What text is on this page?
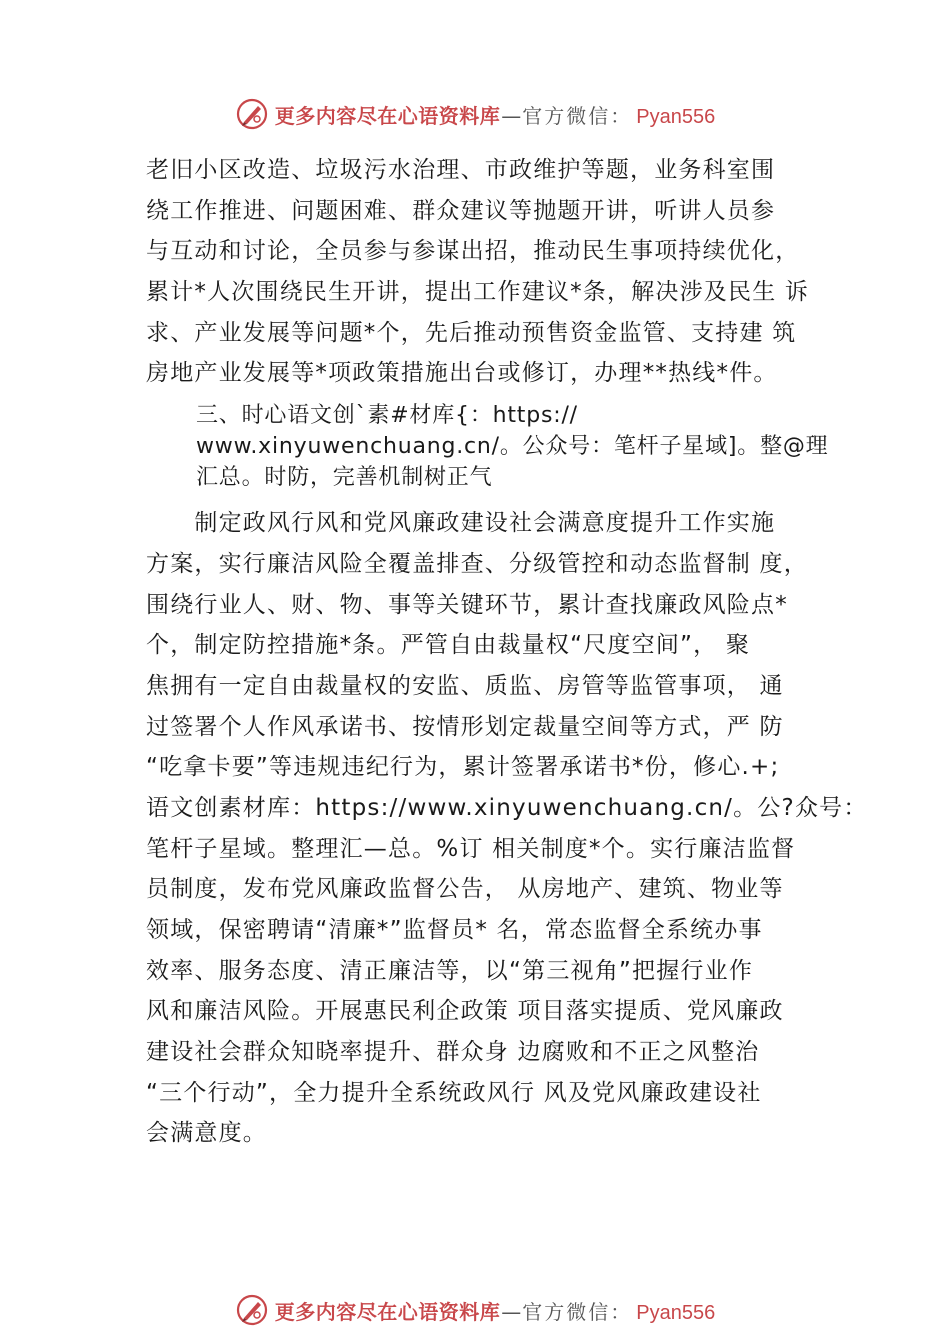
更多内容尽在心语资料库 — 官方微信： Pyan556
老旧小区改造、垃圾污水治理、市政维护等题，业务科室围
绕工作推进、问题困难、群众建议等抛题开讲，听讲人员参
与互动和讨论，全员参与参谋出招，推动民生事项持续优化，
累计*人次围绕民生开讲，提出工作建议*条，解决涉及民生 诉
求、产业发展等问题*个，先后推动预售资金监管、支持建 筑
房地产业发展等*项政策措施出台或修订，办理**热线*件。
三、时心语文创`素#材库{：https://
www.xinyuwenchuang.cn/。公众号：笔杆子星域]。整@理
汇总。时防，完善机制树正气
　　制定政风行风和党风廉政建设社会满意度提升工作实施
方案，实行廉洁风险全覆盖排查、分级管控和动态监督制 度，
围绕行业人、财、物、事等关键环节，累计查找廉政风险点*
个，制定防控措施*条。严管自由裁量权“尺度空间”， 聚
焦拥有一定自由裁量权的安监、质监、房管等监管事项， 通
过签署个人作风承诺书、按情形划定裁量空间等方式，严 防
“吃拿卡要”等违规违纪行为，累计签署承诺书*份，修心.+;
语文创素材库：https://www.xinyuwenchuang.cn/。公?众号：
笔杆子星域。整理汇—总。%订 相关制度*个。实行廉洁监督
员制度，发布党风廉政监督公告， 从房地产、建筑、物业等
领域，保密聘请“清廉*”监督员* 名，常态监督全系统办事
效率、服务态度、清正廉洁等，以“第三视角”把握行业作
风和廉洁风险。开展惠民利企政策 项目落实提质、党风廉政
建设社会群众知晓率提升、群众身 边腐败和不正之风整治
“三个行动”，全力提升全系统政风行 风及党风廉政建设社
会满意度。
更多内容尽在心语资料库 — 官方微信： Pyan556
